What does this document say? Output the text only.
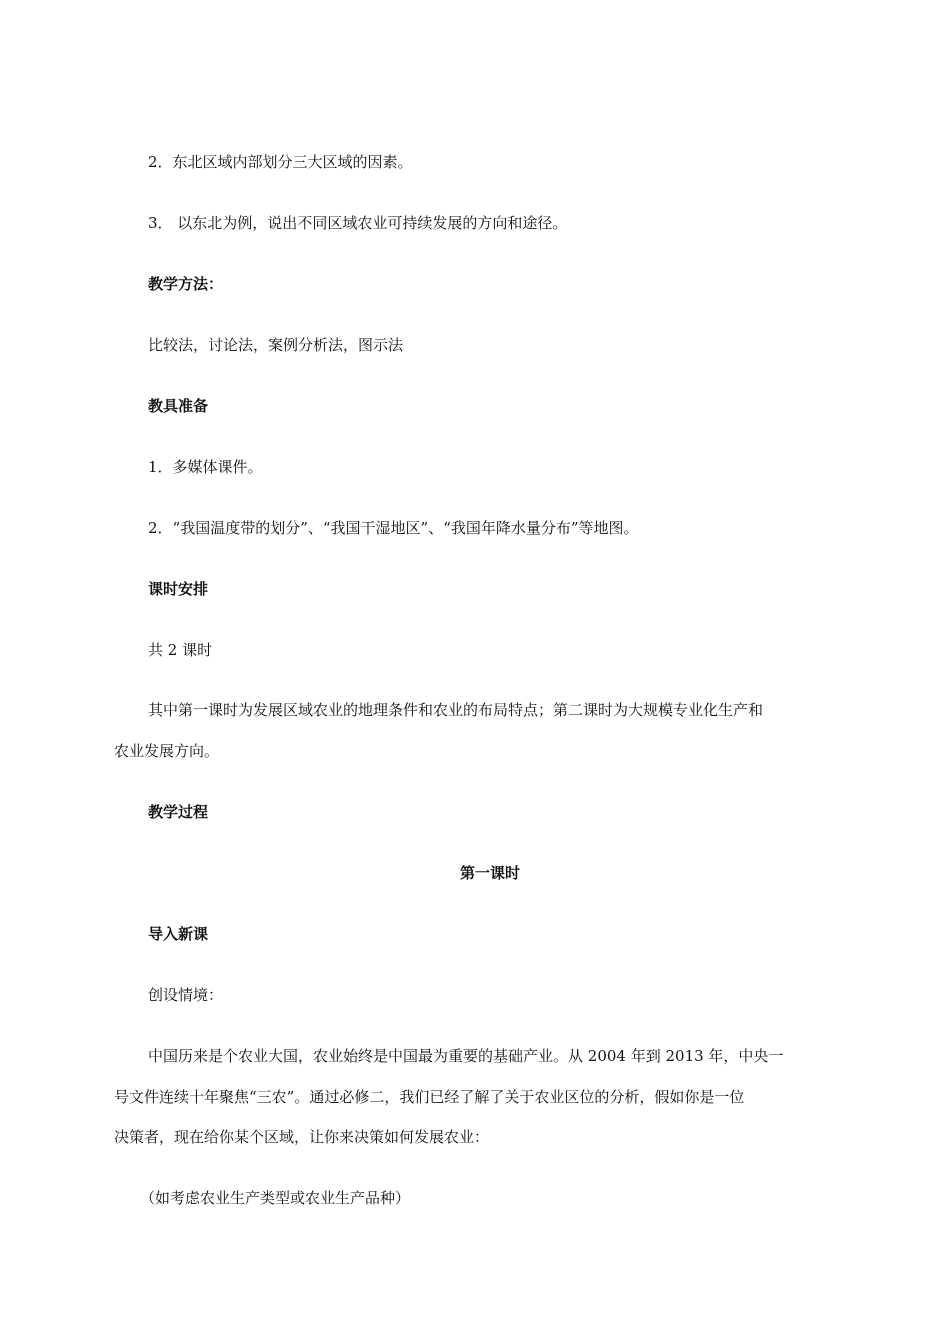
2．东北区域内部划分三大区域的因素。
3． 以东北为例，说出不同区域农业可持续发展的方向和途径。
教学方法：
比较法，讨论法，案例分析法，图示法
教具准备
1．多媒体课件。
2．“我国温度带的划分”、“我国干湿地区”、“我国年降水量分布”等地图。
课时安排
共 2 课时
其中第一课时为发展区域农业的地理条件和农业的布局特点；第二课时为大规模专业化生产和
农业发展方向。
教学过程
第一课时
导入新课
创设情境：
中国历来是个农业大国，农业始终是中国最为重要的基础产业。从 2004 年到 2013 年，中央一
号文件连续十年聚焦“三农”。通过必修二，我们已经了解了关于农业区位的分析，假如你是一位
决策者，现在给你某个区域，让你来决策如何发展农业：
（如考虑农业生产类型或农业生产品种）
